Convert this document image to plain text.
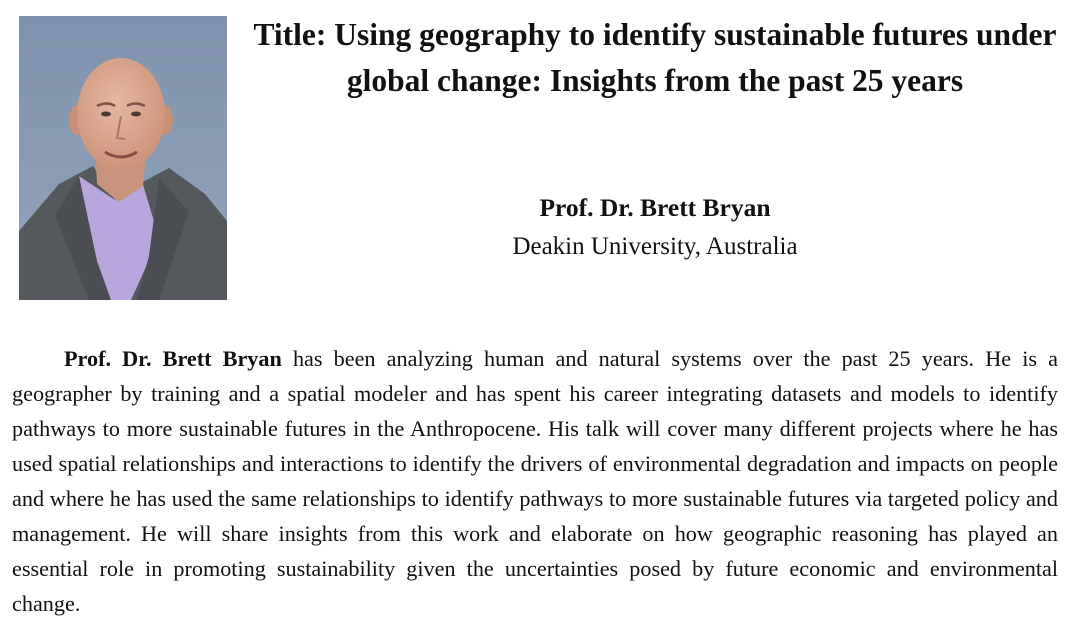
Title: Using geography to identify sustainable futures under global change: Insights from the past 25 years
Prof. Dr. Brett Bryan
Deakin University, Australia

Prof. Dr. Brett Bryan has been analyzing human and natural systems over the past 25 years. He is a geographer by training and a spatial modeler and has spent his career integrating datasets and models to identify pathways to more sustainable futures in the Anthropocene. His talk will cover many different projects where he has used spatial relationships and interactions to identify the drivers of environmental degradation and impacts on people and where he has used the same relationships to identify pathways to more sustainable futures via targeted policy and management. He will share insights from this work and elaborate on how geographic reasoning has played an essential role in promoting sustainability given the uncertainties posed by future economic and environmental change.
